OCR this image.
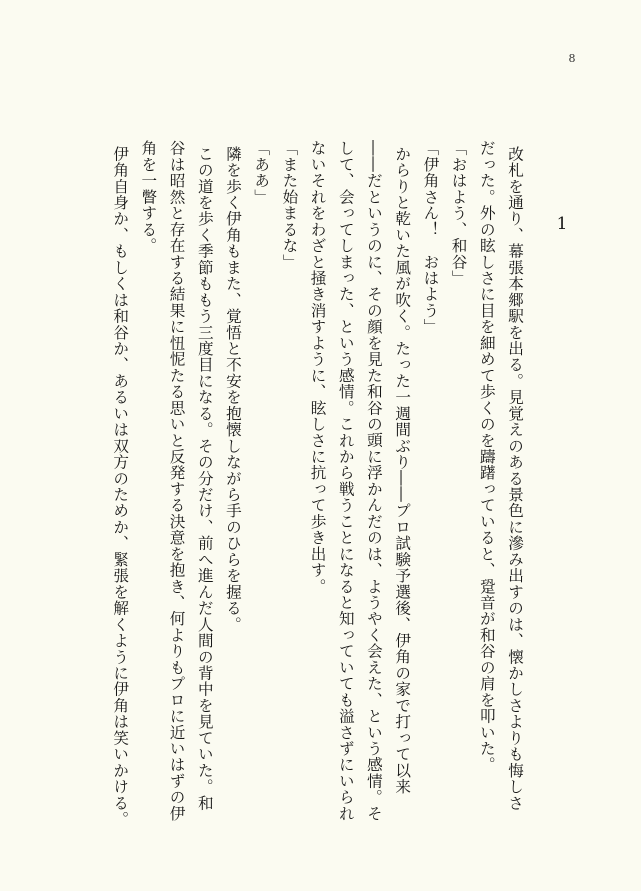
8
1

改札を通り、幕張本郷駅を出る。見覚えのある景色に滲み出すのは、懐かしさよりも悔しさ

だった。外の眩しさに目を細めて歩くのを躊躇っていると、跫音が和谷の肩を叩いた。

「おはよう、和谷」

「伊角さん！　おはよう」

からりと乾いた風が吹く。たった一週間ぶり――プロ試験予選後、伊角の家で打って以来

――だというのに、その顔を見た和谷の頭に浮かんだのは、ようやく会えた、という感情。そ

して、会ってしまった、という感情。これから戦うことになると知っていても溢さずにいられ

ないそれをわざと掻き消すように、眩しさに抗って歩き出す。

「また始まるな」

「ああ」

隣を歩く伊角もまた、覚悟と不安を抱懐しながら手のひらを握る。

この道を歩く季節ももう三度目になる。その分だけ、前へ進んだ人間の背中を見ていた。和

谷は昭然と存在する結果に忸怩たる思いと反発する決意を抱き、何よりもプロに近いはずの伊

角を一瞥する。

伊角自身か、もしくは和谷か、あるいは双方のためか、緊張を解くように伊角は笑いかける。
